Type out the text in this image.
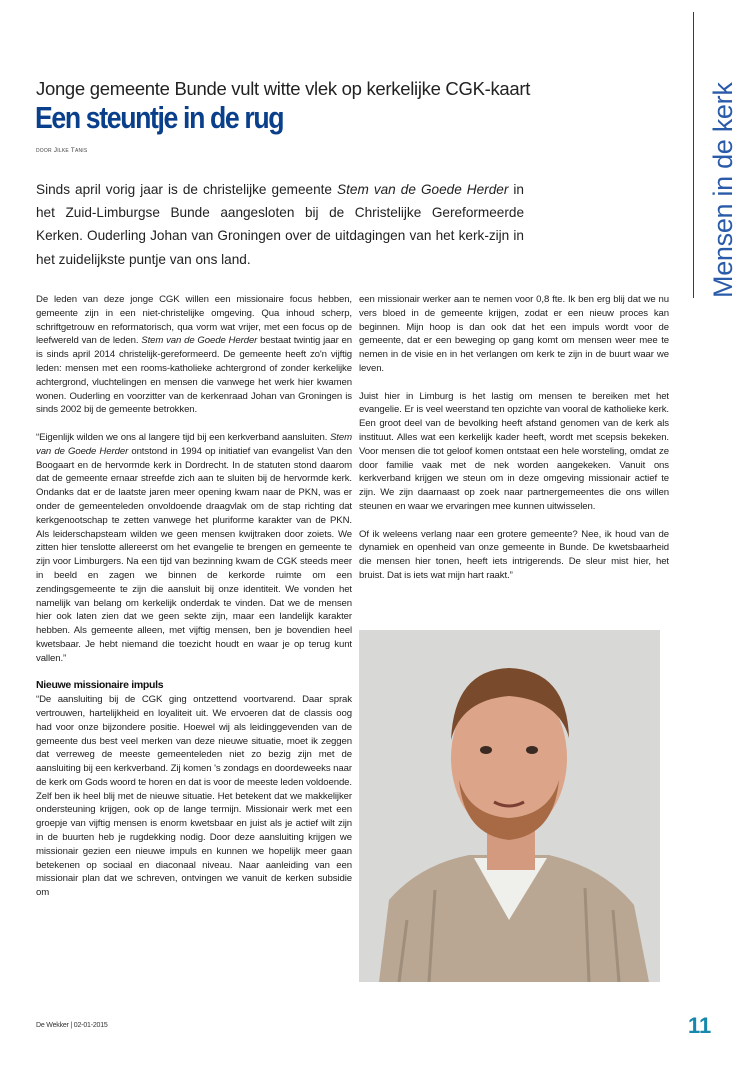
Jonge gemeente Bunde vult witte vlek op kerkelijke CGK-kaart
Een steuntje in de rug
door Jilke Tanis
Sinds april vorig jaar is de christelijke gemeente Stem van de Goede Herder in het Zuid-Limburgse Bunde aangesloten bij de Christelijke Gereformeerde Kerken. Ouderling Johan van Groningen over de uitdagingen van het kerk-zijn in het zuidelijkste puntje van ons land.

De leden van deze jonge CGK willen een missionaire focus hebben, gemeente zijn in een niet-christelijke omgeving. Qua inhoud scherp, schriftgetrouw en reformatorisch, qua vorm wat vrijer, met een focus op de leefwereld van de leden. Stem van de Goede Herder bestaat twintig jaar en is sinds april 2014 christelijk-gereformeerd. De gemeente heeft zo'n vijftig leden: mensen met een rooms-katholieke achtergrond of zonder kerkelijke achtergrond, vluchtelingen en mensen die vanwege het werk hier kwamen wonen. Ouderling en voorzitter van de kerkenraad Johan van Groningen is sinds 2002 bij de gemeente betrokken.

“Eigenlijk wilden we ons al langere tijd bij een kerkverband aansluiten. Stem van de Goede Herder ontstond in 1994 op initiatief van evangelist Van den Boogaart en de hervormde kerk in Dordrecht. In de statuten stond daarom dat de gemeente ernaar streefde zich aan te sluiten bij de hervormde kerk. Ondanks dat er de laatste jaren meer opening kwam naar de PKN, was er onder de gemeenteleden onvoldoende draagvlak om de stap richting dat kerkgenootschap te zetten vanwege het pluriforme karakter van de PKN. Als leiderschapsteam wilden we geen mensen kwijtraken door zoiets. We zitten hier tenslotte allereerst om het evangelie te brengen en gemeente te zijn voor Limburgers. Na een tijd van bezinning kwam de CGK steeds meer in beeld en zagen we binnen de kerkorde ruimte om een zendingsgemeente te zijn die aansluit bij onze identiteit. We vonden het namelijk van belang om kerkelijk onderdak te vinden. Dat we de mensen hier ook laten zien dat we geen sekte zijn, maar een landelijk karakter hebben. Als gemeente alleen, met vijftig mensen, ben je bovendien heel kwetsbaar. Je hebt niemand die toezicht houdt en waar je op terug kunt vallen.”

Nieuwe missionaire impuls

“De aansluiting bij de CGK ging ontzettend voortvarend. Daar sprak vertrouwen, hartelijkheid en loyaliteit uit. We ervoeren dat de classis oog had voor onze bijzondere positie. Hoewel wij als leidinggevenden van de gemeente dus best veel merken van deze nieuwe situatie, moet ik zeggen dat verreweg de meeste gemeenteleden niet zo bezig zijn met de aansluiting bij een kerkverband. Zij komen 's zondags en doordeweeks naar de kerk om Gods woord te horen en dat is voor de meeste leden voldoende. Zelf ben ik heel blij met de nieuwe situatie. Het betekent dat we makkelijker ondersteuning krijgen, ook op de lange termijn. Missionair werk met een groepje van vijftig mensen is enorm kwetsbaar en juist als je actief wilt zijn in de buurten heb je rugdekking nodig. Door deze aansluiting krijgen we missionair gezien een nieuwe impuls en kunnen we hopelijk meer gaan betekenen op sociaal en diaconaal niveau. Naar aanleiding van een missionair plan dat we schreven, ontvingen we vanuit de kerken subsidie om

een missionair werker aan te nemen voor 0,8 fte. Ik ben erg blij dat we nu vers bloed in de gemeente krijgen, zodat er een nieuw proces kan beginnen. Mijn hoop is dan ook dat het een impuls wordt voor de gemeente, dat er een beweging op gang komt om mensen weer mee te nemen in de visie en in het verlangen om kerk te zijn in de buurt waar we leven.

Juist hier in Limburg is het lastig om mensen te bereiken met het evangelie. Er is veel weerstand ten opzichte van vooral de katholieke kerk. Een groot deel van de bevolking heeft afstand genomen van de kerk als instituut. Alles wat een kerkelijk kader heeft, wordt met scepsis bekeken. Voor mensen die tot geloof komen ontstaat een hele worsteling, omdat ze door familie vaak met de nek worden aangekeken. Vanuit ons kerkverband krijgen we steun om in deze omgeving missionair actief te zijn. We zijn daarnaast op zoek naar partnergemeentes die ons willen steunen en waar we ervaringen mee kunnen uitwisselen.

Of ik weleens verlang naar een grotere gemeente? Nee, ik houd van de dynamiek en openheid van onze gemeente in Bunde. De kwetsbaarheid die mensen hier tonen, heeft iets intrigerends. De sleur mist hier, het bruist. Dat is iets wat mijn hart raakt.”

Mensen in de kerk
De Wekker | 02-01-2015	11
